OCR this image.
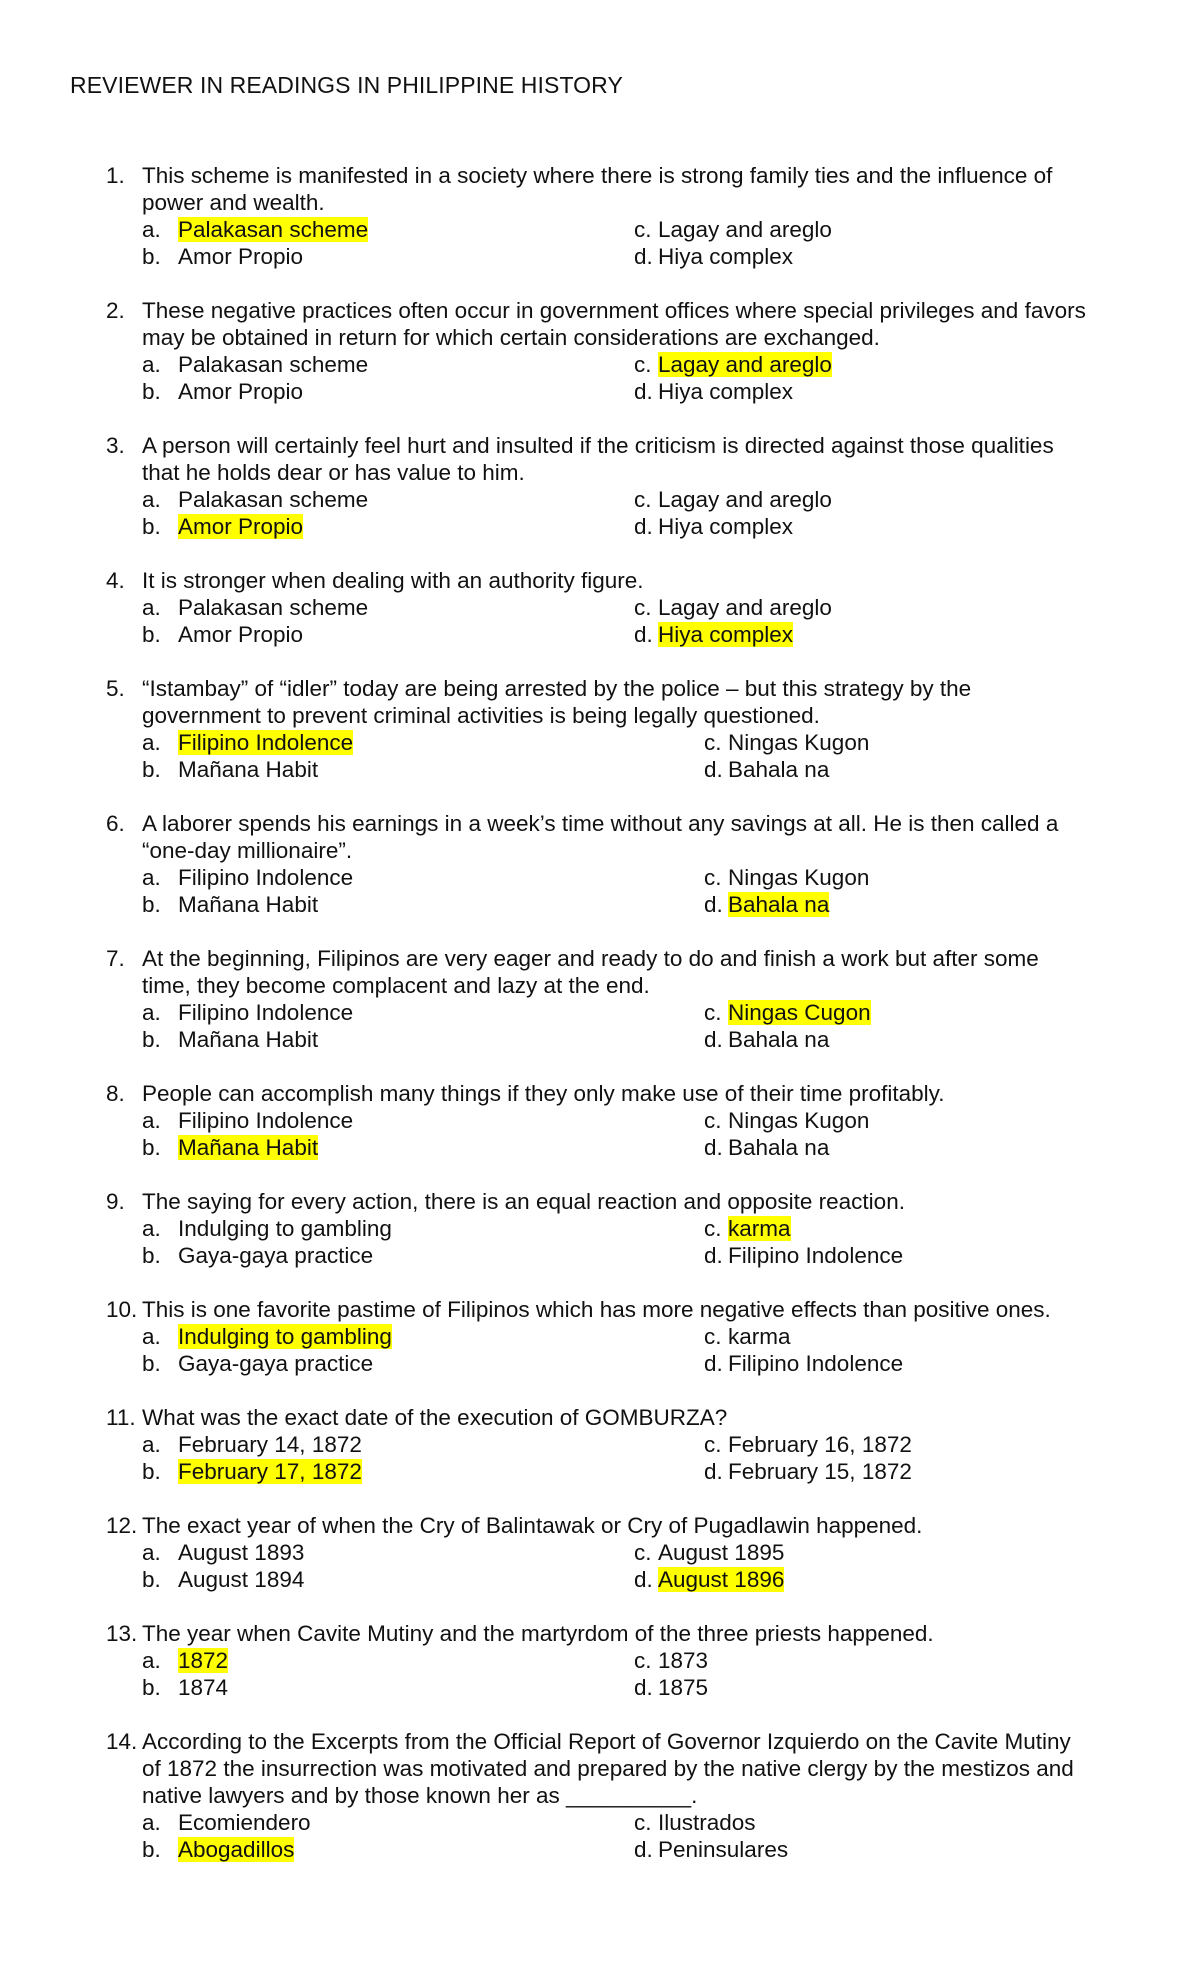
REVIEWER IN READINGS IN PHILIPPINE HISTORY
1. This scheme is manifested in a society where there is strong family ties and the influence of
power and wealth.
a. Palakasan scheme
b. Amor Propio
c. Lagay and areglo
d. Hiya complex
2. These negative practices often occur in government offices where special privileges and favors
may be obtained in return for which certain considerations are exchanged.
a. Palakasan scheme
b. Amor Propio
c. Lagay and areglo
d. Hiya complex
3. A person will certainly feel hurt and insulted if the criticism is directed against those qualities
that he holds dear or has value to him.
a. Palakasan scheme
b. Amor Propio
c. Lagay and areglo
d. Hiya complex
4. It is stronger when dealing with an authority figure.
a. Palakasan scheme
b. Amor Propio
c. Lagay and areglo
d. Hiya complex
5. “Istambay” of “idler” today are being arrested by the police – but this strategy by the
government to prevent criminal activities is being legally questioned.
a. Filipino Indolence
b. Mañana Habit
c. Ningas Kugon
d. Bahala na
6. A laborer spends his earnings in a week’s time without any savings at all. He is then called a
“one-day millionaire”.
a. Filipino Indolence
b. Mañana Habit
c. Ningas Kugon
d. Bahala na
7. At the beginning, Filipinos are very eager and ready to do and finish a work but after some
time, they become complacent and lazy at the end.
a. Filipino Indolence
b. Mañana Habit
c. Ningas Cugon
d. Bahala na
8. People can accomplish many things if they only make use of their time profitably.
a. Filipino Indolence
b. Mañana Habit
c. Ningas Kugon
d. Bahala na
9. The saying for every action, there is an equal reaction and opposite reaction.
a. Indulging to gambling
b. Gaya-gaya practice
c. karma
d. Filipino Indolence
10. This is one favorite pastime of Filipinos which has more negative effects than positive ones.
a. Indulging to gambling
b. Gaya-gaya practice
c. karma
d. Filipino Indolence
11. What was the exact date of the execution of GOMBURZA?
a. February 14, 1872
b. February 17, 1872
c. February 16, 1872
d. February 15, 1872
12. The exact year of when the Cry of Balintawak or Cry of Pugadlawin happened.
a. August 1893
b. August 1894
c. August 1895
d. August 1896
13. The year when Cavite Mutiny and the martyrdom of the three priests happened.
a. 1872
b. 1874
c. 1873
d. 1875
14. According to the Excerpts from the Official Report of Governor Izquierdo on the Cavite Mutiny
of 1872 the insurrection was motivated and prepared by the native clergy by the mestizos and
native lawyers and by those known her as __________.
a. Ecomiendero
b. Abogadillos
c. Ilustrados
d. Peninsulares
